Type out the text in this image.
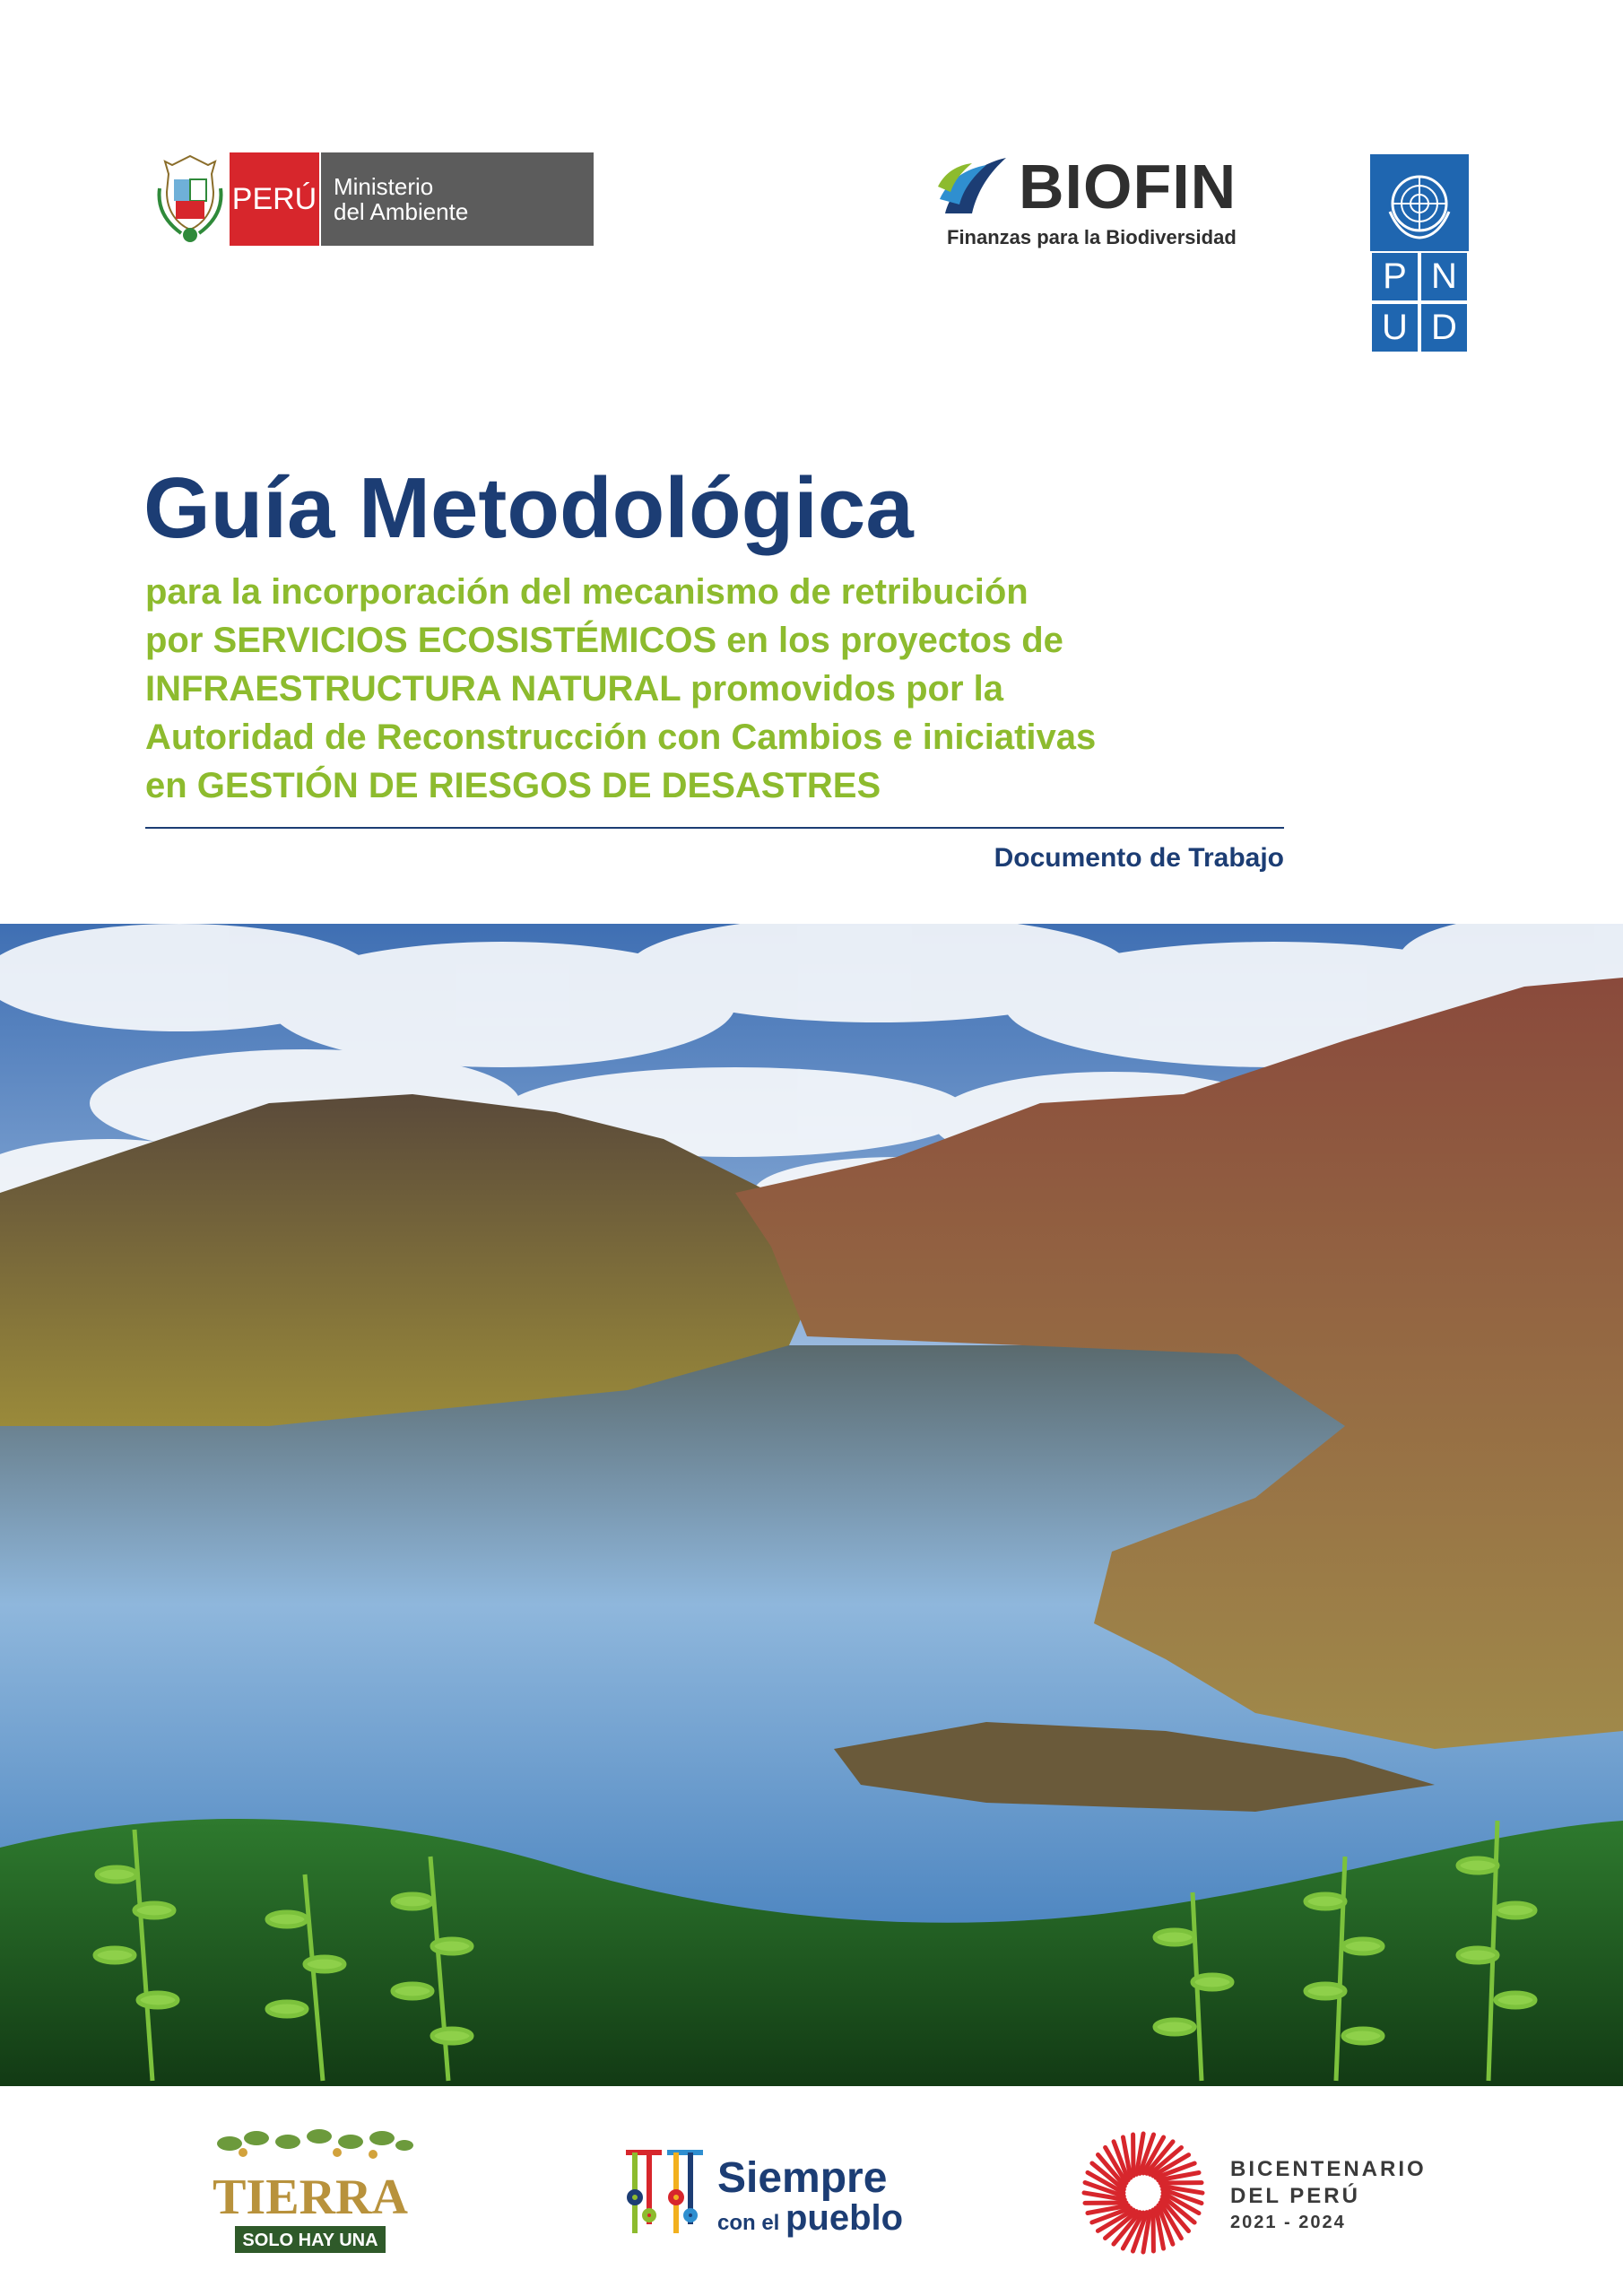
PERÚ Ministerio
del Ambiente	BIOFIN
Finanzas para la Biodiversidad
P N
U D
Guía Metodológica
para la incorporación del mecanismo de retribución
por SERVICIOS ECOSISTÉMICOS en los proyectos de
INFRAESTRUCTURA NATURAL promovidos por la
Autoridad de Reconstrucción con Cambios e iniciativas
en GESTIÓN DE RIESGOS DE DESASTRES
Documento de Trabajo
TIERRA
SOLO HAY UNA
Siempre
con el pueblo
BICENTENARIO
DEL PERÚ
2021 - 2024
